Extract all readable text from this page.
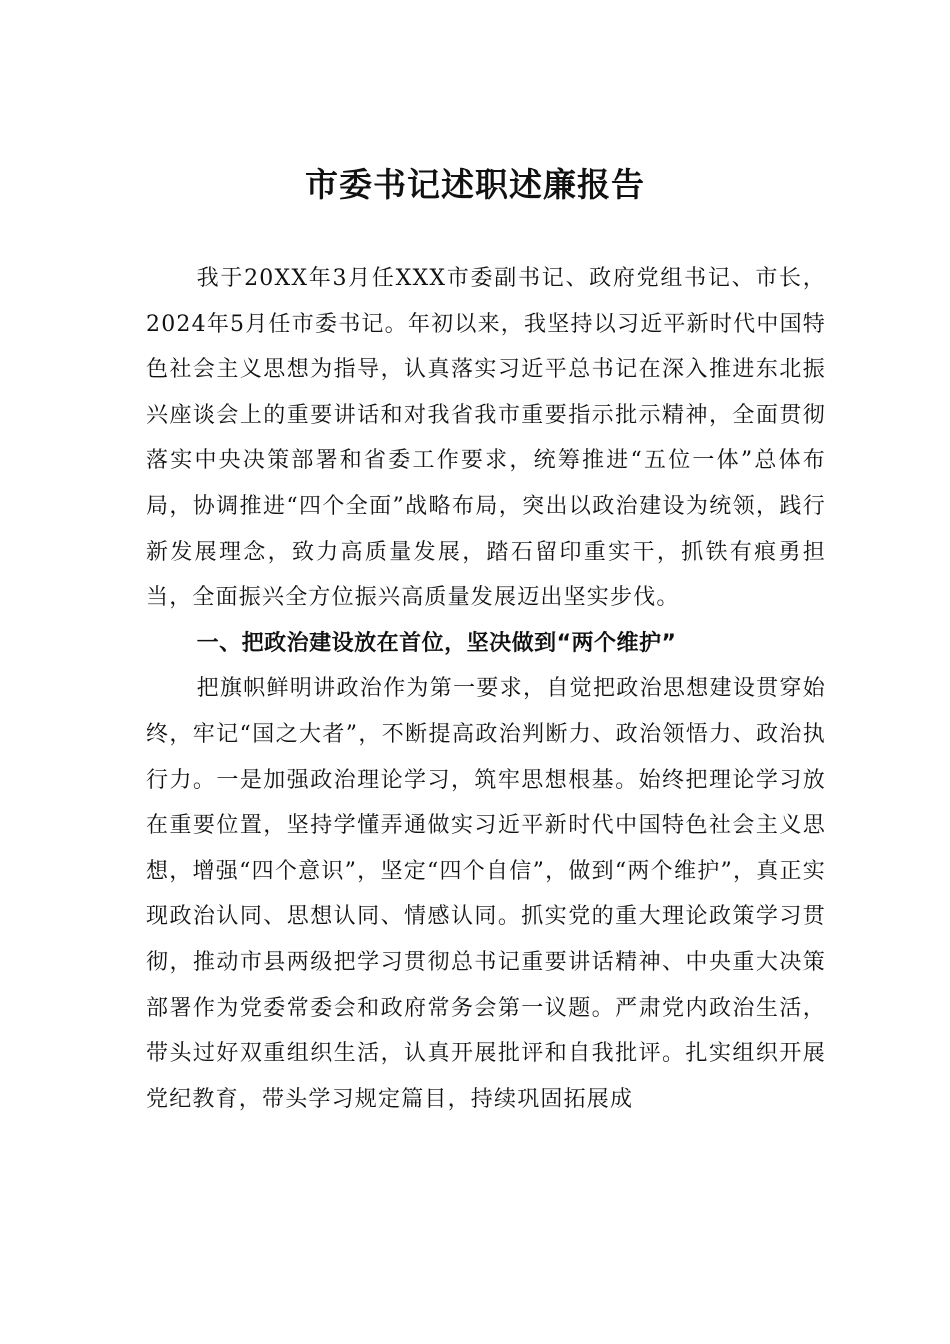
市委书记述职述廉报告

我于20XX年3月任XXX市委副书记、政府党组书记、市长，2024年5月任市委书记。年初以来，我坚持以习近平新时代中国特色社会主义思想为指导，认真落实习近平总书记在深入推进东北振兴座谈会上的重要讲话和对我省我市重要指示批示精神，全面贯彻落实中央决策部署和省委工作要求，统筹推进“五位一体”总体布局，协调推进“四个全面”战略布局，突出以政治建设为统领，践行新发展理念，致力高质量发展，踏石留印重实干，抓铁有痕勇担当，全面振兴全方位振兴高质量发展迈出坚实步伐。

一、把政治建设放在首位，坚决做到“两个维护”

把旗帜鲜明讲政治作为第一要求，自觉把政治思想建设贯穿始终，牢记“国之大者”，不断提高政治判断力、政治领悟力、政治执行力。一是加强政治理论学习，筑牢思想根基。始终把理论学习放在重要位置，坚持学懂弄通做实习近平新时代中国特色社会主义思想，增强“四个意识”，坚定“四个自信”，做到“两个维护”，真正实现政治认同、思想认同、情感认同。抓实党的重大理论政策学习贯彻，推动市县两级把学习贯彻总书记重要讲话精神、中央重大决策部署作为党委常委会和政府常务会第一议题。严肃党内政治生活，带头过好双重组织生活，认真开展批评和自我批评。扎实组织开展党纪教育，带头学习规定篇目，持续巩固拓展成
